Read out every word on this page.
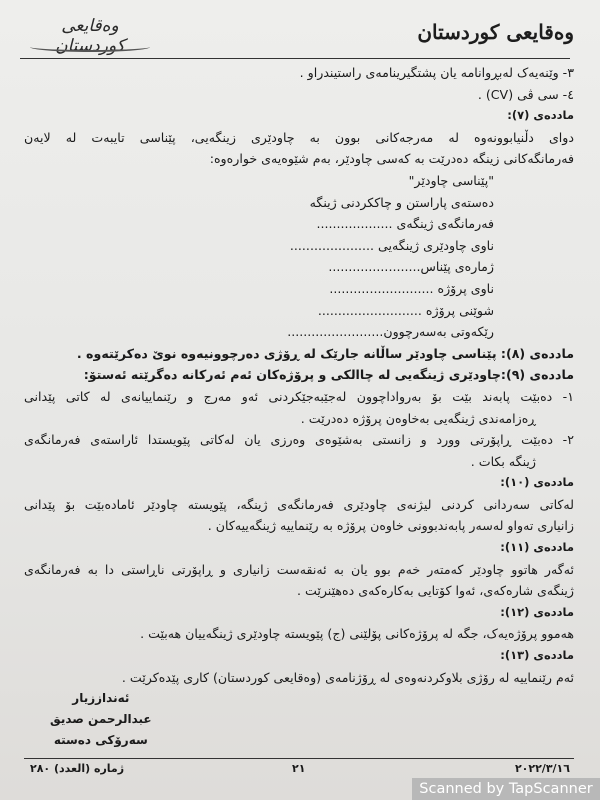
وەقایعی کوردستان
وەقایعی کوردستان
٣- وێنەیەک لەبڕوانامە یان پشتگیرینامەی راستیندراو .
٤- سی ڤی (CV) .
ماددەی (٧):
دوای دڵنیابوونەوە لە مەرجەکانی بوون بە چاودێری زینگەیی، پێناسی تایبەت لە لایەن
فەرمانگەکانی زینگە دەدرێت بە کەسی چاودێر، بەم شێوەیەی خوارەوە:
"پێناسی چاودێر"
دەستەی پاراستن و چاککردنی ژینگە
فەرمانگەی ژینگەی ...................
ناوی چاودێری ژینگەیی .....................
ژمارەی پێناس.......................
ناوی پرۆژە ..........................
شوێنی پرۆژە ..........................
رێکەوتی بەسەرچوون........................
ماددەی (٨): پێناسی چاودێر ساڵانە جارێک لە ڕۆژی دەرچوونیەوە نوێ دەکرێتەوە .
ماددەی (٩):چاودێری ژینگەیی لە چاالکی و پرۆژەکان ئەم ئەرکانە دەگرێتە ئەستۆ:
١- دەبێت پابەند بێت بۆ بەرواداچوون لەجێبەجێکردنی ئەو مەرج و رێنماییانەی لە کاتی پێدانی
ڕەزامەندی ژینگەیی بەخاوەن پرۆژە دەدرێت .
٢- دەبێت ڕاپۆرتی وورد و زانستی بەشێوەی وەرزی یان لەکاتی پێویستدا ئاراستەی فەرمانگەی
ژینگە بکات .
ماددەی (١٠):
لەکاتی سەردانی کردنی لیژنەی چاودێری فەرمانگەی ژینگە، پێویستە چاودێر ئامادەبێت بۆ پێدانی
زانیاری تەواو لەسەر پابەندبوونی خاوەن پرۆژە بە رێنماییە ژینگەییەکان .
ماددەی (١١):
ئەگەر هاتوو چاودێر کەمتەر خەم بوو یان بە ئەنقەست زانیاری و ڕاپۆرتی ناڕاستی دا بە فەرمانگەی
ژینگەی شارەکەی، ئەوا کۆتایی بەکارەکەی دەهێنرێت .
ماددەی (١٢):
هەموو پرۆژەیەک، جگە لە پرۆژەکانی پۆلێنی (ج) پێویستە چاودێری ژینگەییان هەبێت .
ماددەی (١٣):
ئەم رێنماییە لە رۆژی بلاوکردنەوەی لە ڕۆژنامەی (وەقایعی کوردستان) کاری پێدەکرێت .
ئەنداززیار
عبدالرحمن صديق
سەرۆکی دەستە
ژمارە (العدد) ٢٨٠	٢١	٢٠٢٢/٣/١٦
Scanned by TapScanner
